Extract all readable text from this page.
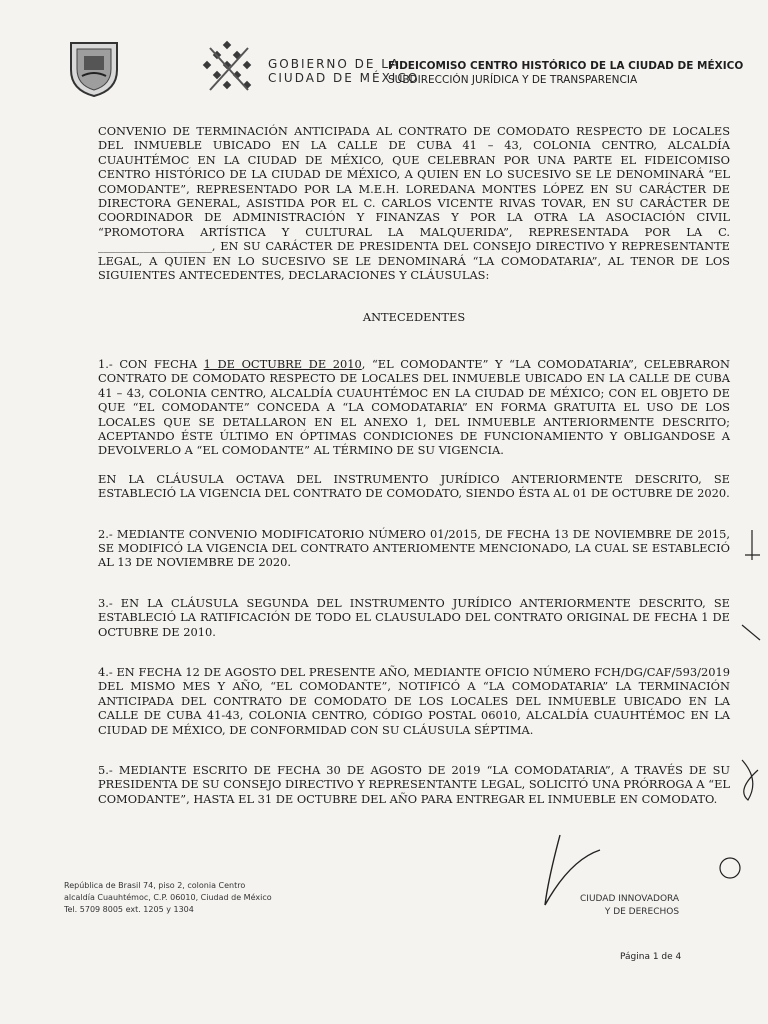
GOBIERNO DE LA
CIUDAD DE MÉXICO
FIDEICOMISO CENTRO HISTÓRICO DE LA CIUDAD DE MÉXICO
SUBDIRECCIÓN JURÍDICA Y DE TRANSPARENCIA

CONVENIO DE TERMINACIÓN ANTICIPADA AL CONTRATO DE COMODATO RESPECTO DE LOCALES DEL INMUEBLE UBICADO EN LA CALLE DE CUBA 41 – 43, COLONIA CENTRO, ALCALDÍA CUAUHTÉMOC EN LA CIUDAD DE MÉXICO, QUE CELEBRAN POR UNA PARTE EL FIDEICOMISO CENTRO HISTÓRICO DE LA CIUDAD DE MÉXICO, A QUIEN EN LO SUCESIVO SE LE DENOMINARÁ “EL COMODANTE”, REPRESENTADO POR LA M.E.H. LOREDANA MONTES LÓPEZ EN SU CARÁCTER DE DIRECTORA GENERAL, ASISTIDA POR EL C. CARLOS VICENTE RIVAS TOVAR, EN SU CARÁCTER DE COORDINADOR DE ADMINISTRACIÓN Y FINANZAS Y POR LA OTRA LA ASOCIACIÓN CIVIL “PROMOTORA ARTÍSTICA Y CULTURAL LA MALQUERIDA”, REPRESENTADA POR LA C. ____________________, EN SU CARÁCTER DE PRESIDENTA DEL CONSEJO DIRECTIVO Y REPRESENTANTE LEGAL, A QUIEN EN LO SUCESIVO SE LE DENOMINARÁ “LA COMODATARIA”, AL TENOR DE LOS SIGUIENTES ANTECEDENTES, DECLARACIONES Y CLÁUSULAS:

ANTECEDENTES

1.- CON FECHA 1 DE OCTUBRE DE 2010, “EL COMODANTE” Y “LA COMODATARIA”, CELEBRARON CONTRATO DE COMODATO RESPECTO DE LOCALES DEL INMUEBLE UBICADO EN LA CALLE DE CUBA 41 – 43, COLONIA CENTRO, ALCALDÍA CUAUHTÉMOC EN LA CIUDAD DE MÉXICO; CON EL OBJETO DE QUE “EL COMODANTE” CONCEDA A “LA COMODATARIA” EN FORMA GRATUITA EL USO DE LOS LOCALES QUE SE DETALLARON EN EL ANEXO 1, DEL INMUEBLE ANTERIORMENTE DESCRITO; ACEPTANDO ÉSTE ÚLTIMO EN ÓPTIMAS CONDICIONES DE FUNCIONAMIENTO Y OBLIGANDOSE A DEVOLVERLO A “EL COMODANTE” AL TÉRMINO DE SU VIGENCIA.

EN LA CLÁUSULA OCTAVA DEL INSTRUMENTO JURÍDICO ANTERIORMENTE DESCRITO, SE ESTABLECIÓ LA VIGENCIA DEL CONTRATO DE COMODATO, SIENDO ÉSTA AL 01 DE OCTUBRE DE 2020.

2.- MEDIANTE CONVENIO MODIFICATORIO NÚMERO 01/2015, DE FECHA 13 DE NOVIEMBRE DE 2015, SE MODIFICÓ LA VIGENCIA DEL CONTRATO ANTERIOMENTE MENCIONADO, LA CUAL SE ESTABLECIÓ AL 13 DE NOVIEMBRE DE 2020.

3.- EN LA CLÁUSULA SEGUNDA DEL INSTRUMENTO JURÍDICO ANTERIORMENTE DESCRITO, SE ESTABLECIÓ LA RATIFICACIÓN DE TODO EL CLAUSULADO DEL CONTRATO ORIGINAL DE FECHA 1 DE OCTUBRE DE 2010.

4.- EN FECHA 12 DE AGOSTO DEL PRESENTE AÑO, MEDIANTE OFICIO NÚMERO FCH/DG/CAF/593/2019 DEL MISMO MES Y AÑO, “EL COMODANTE”, NOTIFICÓ A “LA COMODATARIA” LA TERMINACIÓN ANTICIPADA DEL CONTRATO DE COMODATO DE LOS LOCALES DEL INMUEBLE UBICADO EN LA CALLE DE CUBA 41-43, COLONIA CENTRO, CÓDIGO POSTAL 06010, ALCALDÍA CUAUHTÉMOC EN LA CIUDAD DE MÉXICO, DE CONFORMIDAD CON SU CLÁUSULA SÉPTIMA.

5.- MEDIANTE ESCRITO DE FECHA 30 DE AGOSTO DE 2019 “LA COMODATARIA”, A TRAVÉS DE SU PRESIDENTA DE SU CONSEJO DIRECTIVO Y REPRESENTANTE LEGAL, SOLICITÓ UNA PRÓRROGA A “EL COMODANTE”, HASTA EL 31 DE OCTUBRE DEL AÑO PARA ENTREGAR EL INMUEBLE EN COMODATO.

República de Brasil 74, piso 2, colonia Centro
alcaldía Cuauhtémoc, C.P. 06010, Ciudad de México
Tel. 5709 8005 ext. 1205 y 1304
CIUDAD INNOVADORA
Y DE DERECHOS
Página 1 de 4
